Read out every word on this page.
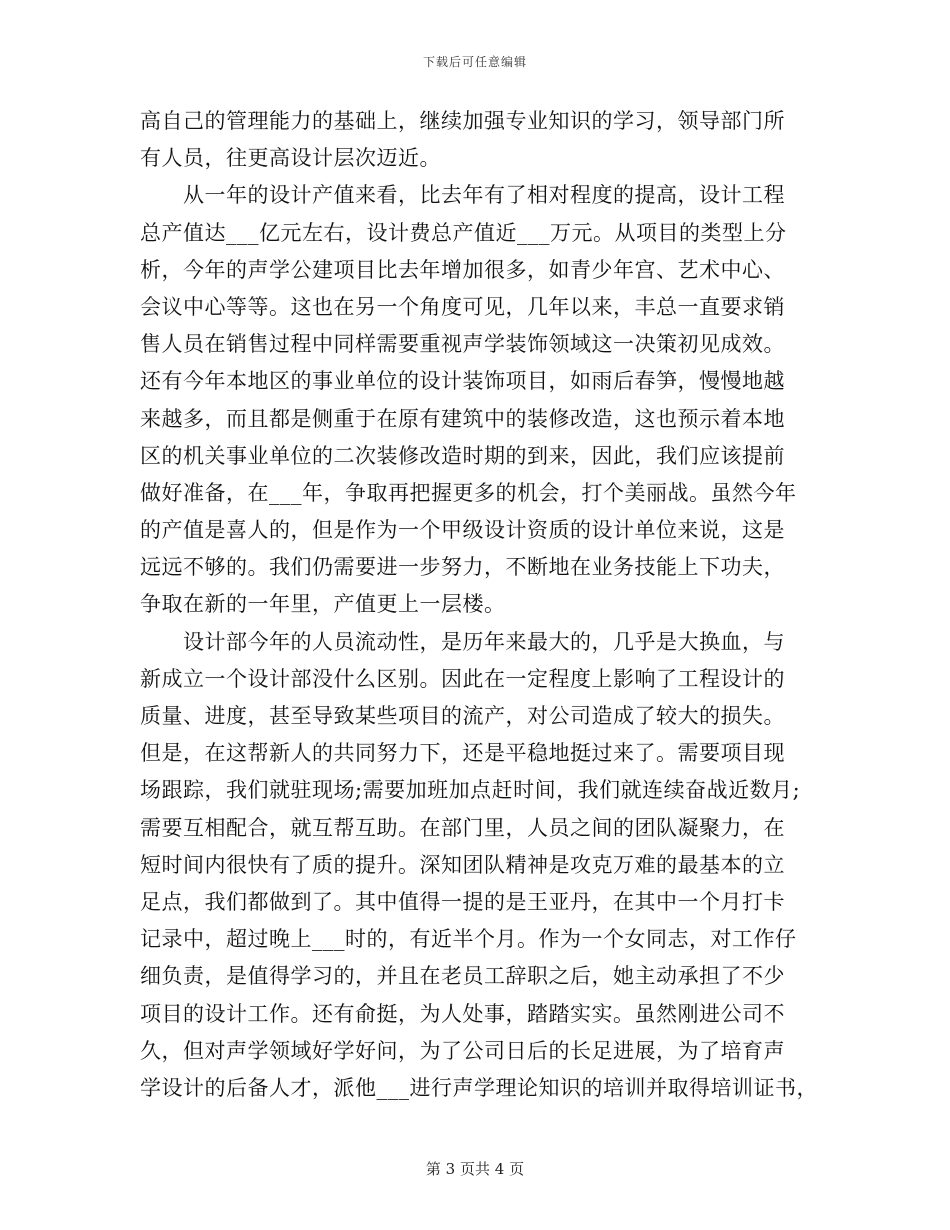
下载后可任意编辑
高自己的管理能力的基础上，继续加强专业知识的学习，领导部门所
有人员，往更高设计层次迈近。
从一年的设计产值来看，比去年有了相对程度的提高，设计工程
总产值达___亿元左右，设计费总产值近___万元。从项目的类型上分
析，今年的声学公建项目比去年增加很多，如青少年宫、艺术中心、
会议中心等等。这也在另一个角度可见，几年以来，丰总一直要求销
售人员在销售过程中同样需要重视声学装饰领域这一决策初见成效。
还有今年本地区的事业单位的设计装饰项目，如雨后春笋，慢慢地越
来越多，而且都是侧重于在原有建筑中的装修改造，这也预示着本地
区的机关事业单位的二次装修改造时期的到来，因此，我们应该提前
做好准备，在___年，争取再把握更多的机会，打个美丽战。虽然今年
的产值是喜人的，但是作为一个甲级设计资质的设计单位来说，这是
远远不够的。我们仍需要进一步努力，不断地在业务技能上下功夫，
争取在新的一年里，产值更上一层楼。
设计部今年的人员流动性，是历年来最大的，几乎是大换血，与
新成立一个设计部没什么区别。因此在一定程度上影响了工程设计的
质量、进度，甚至导致某些项目的流产，对公司造成了较大的损失。
但是，在这帮新人的共同努力下，还是平稳地挺过来了。需要项目现
场跟踪，我们就驻现场;需要加班加点赶时间，我们就连续奋战近数月;
需要互相配合，就互帮互助。在部门里，人员之间的团队凝聚力，在
短时间内很快有了质的提升。深知团队精神是攻克万难的最基本的立
足点，我们都做到了。其中值得一提的是王亚丹，在其中一个月打卡
记录中，超过晚上___时的，有近半个月。作为一个女同志，对工作仔
细负责，是值得学习的，并且在老员工辞职之后，她主动承担了不少
项目的设计工作。还有俞挺，为人处事，踏踏实实。虽然刚进公司不
久，但对声学领域好学好问，为了公司日后的长足进展，为了培育声
学设计的后备人才，派他___进行声学理论知识的培训并取得培训证书，
第 3 页共 4 页
